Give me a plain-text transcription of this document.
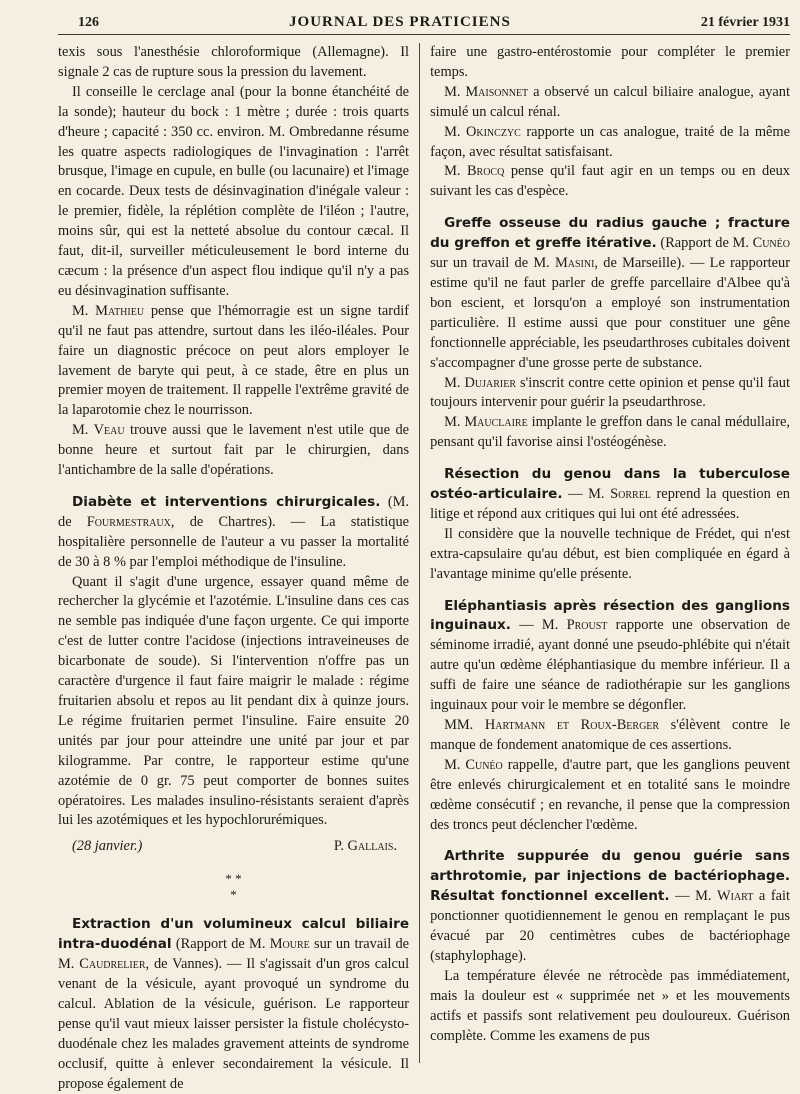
126	JOURNAL DES PRATICIENS	21 février 1931

texis sous l'anesthésie chloroformique (Allemagne). Il signale 2 cas de rupture sous la pression du lavement.

Il conseille le cerclage anal (pour la bonne étanchéité de la sonde); hauteur du bock : 1 mètre ; durée : trois quarts d'heure ; capacité : 350 cc. environ. M. Ombredanne résume les quatre aspects radiologiques de l'invagination : l'arrêt brusque, l'image en cupule, en bulle (ou lacunaire) et l'image en cocarde. Deux tests de désinvagination d'inégale valeur : le premier, fidèle, la réplétion complète de l'iléon ; l'autre, moins sûr, qui est la netteté absolue du contour cæcal. Il faut, dit-il, surveiller méticuleusement le bord interne du cæcum : la présence d'un aspect flou indique qu'il n'y a pas eu désinvagination suffisante.

M. Mathieu pense que l'hémorragie est un signe tardif qu'il ne faut pas attendre, surtout dans les iléo-iléales. Pour faire un diagnostic précoce on peut alors employer le lavement de baryte qui peut, à ce stade, être en plus un premier moyen de traitement. Il rappelle l'extrême gravité de la laparotomie chez le nourrisson.

M. Veau trouve aussi que le lavement n'est utile que de bonne heure et surtout fait par le chirurgien, dans l'antichambre de la salle d'opérations.

Diabète et interventions chirurgicales. (M. de Fourmestraux, de Chartres). — La statistique hospitalière personnelle de l'auteur a vu passer la mortalité de 30 à 8 % par l'emploi méthodique de l'insuline.

Quant il s'agit d'une urgence, essayer quand même de rechercher la glycémie et l'azotémie. L'insuline dans ces cas ne semble pas indiquée d'une façon urgente. Ce qui importe c'est de lutter contre l'acidose (injections intraveineuses de bicarbonate de soude). Si l'intervention n'offre pas un caractère d'urgence il faut faire maigrir le malade : régime fruitarien absolu et repos au lit pendant dix à quinze jours. Le régime fruitarien permet l'insuline. Faire ensuite 20 unités par jour pour atteindre une unité par jour et par kilogramme. Par contre, le rapporteur estime qu'une azotémie de 0 gr. 75 peut comporter de bonnes suites opératoires. Les malades insulino-résistants seraient d'après lui les azotémiques et les hypochlorurémiques.

(28 janvier.)	P. Gallais.
* *
*

Extraction d'un volumineux calcul biliaire intra-duodénal (Rapport de M. Moure sur un travail de M. Caudrelier, de Vannes). — Il s'agissait d'un gros calcul venant de la vésicule, ayant provoqué un syndrome du calcul. Ablation de la vésicule, guérison. Le rapporteur pense qu'il vaut mieux laisser persister la fistule cholécysto-duodénale chez les malades gravement atteints de syndrome occlusif, quitte à enlever secondairement la vésicule. Il propose également de

faire une gastro-entérostomie pour compléter le premier temps.

M. Maisonnet a observé un calcul biliaire analogue, ayant simulé un calcul rénal.

M. Okinczyc rapporte un cas analogue, traité de la même façon, avec résultat satisfaisant.

M. Brocq pense qu'il faut agir en un temps ou en deux suivant les cas d'espèce.

Greffe osseuse du radius gauche ; fracture du greffon et greffe itérative. (Rapport de M. Cunéo sur un travail de M. Masini, de Marseille). — Le rapporteur estime qu'il ne faut parler de greffe parcellaire d'Albee qu'à bon escient, et lorsqu'on a employé son instrumentation particulière. Il estime aussi que pour constituer une gêne fonctionnelle appréciable, les pseudarthroses cubitales doivent s'accompagner d'une grosse perte de substance.

M. Dujarier s'inscrit contre cette opinion et pense qu'il faut toujours intervenir pour guérir la pseudarthrose.

M. Mauclaire implante le greffon dans le canal médullaire, pensant qu'il favorise ainsi l'ostéogénèse.

Résection du genou dans la tuberculose ostéo-articulaire. — M. Sorrel reprend la question en litige et répond aux critiques qui lui ont été adressées.

Il considère que la nouvelle technique de Frédet, qui n'est extra-capsulaire qu'au début, est bien compliquée en égard à l'avantage minime qu'elle présente.

Eléphantiasis après résection des ganglions inguinaux. — M. Proust rapporte une observation de séminome irradié, ayant donné une pseudo-phlébite qui n'était autre qu'un œdème éléphantiasique du membre inférieur. Il a suffi de faire une séance de radiothérapie sur les ganglions inguinaux pour voir le membre se dégonfler.

MM. Hartmann et Roux-Berger s'élèvent contre le manque de fondement anatomique de ces assertions.

M. Cunéo rappelle, d'autre part, que les ganglions peuvent être enlevés chirurgicalement et en totalité sans le moindre œdème consécutif ; en revanche, il pense que la compression des troncs peut déclencher l'œdème.

Arthrite suppurée du genou guérie sans arthrotomie, par injections de bactériophage. Résultat fonctionnel excellent. — M. Wiart a fait ponctionner quotidiennement le genou en remplaçant le pus évacué par 20 centimètres cubes de bactériophage (staphylophage).

La température élevée ne rétrocède pas immédiatement, mais la douleur est « supprimée net » et les mouvements actifs et passifs sont relativement peu douloureux. Guérison complète. Comme les examens de pus
